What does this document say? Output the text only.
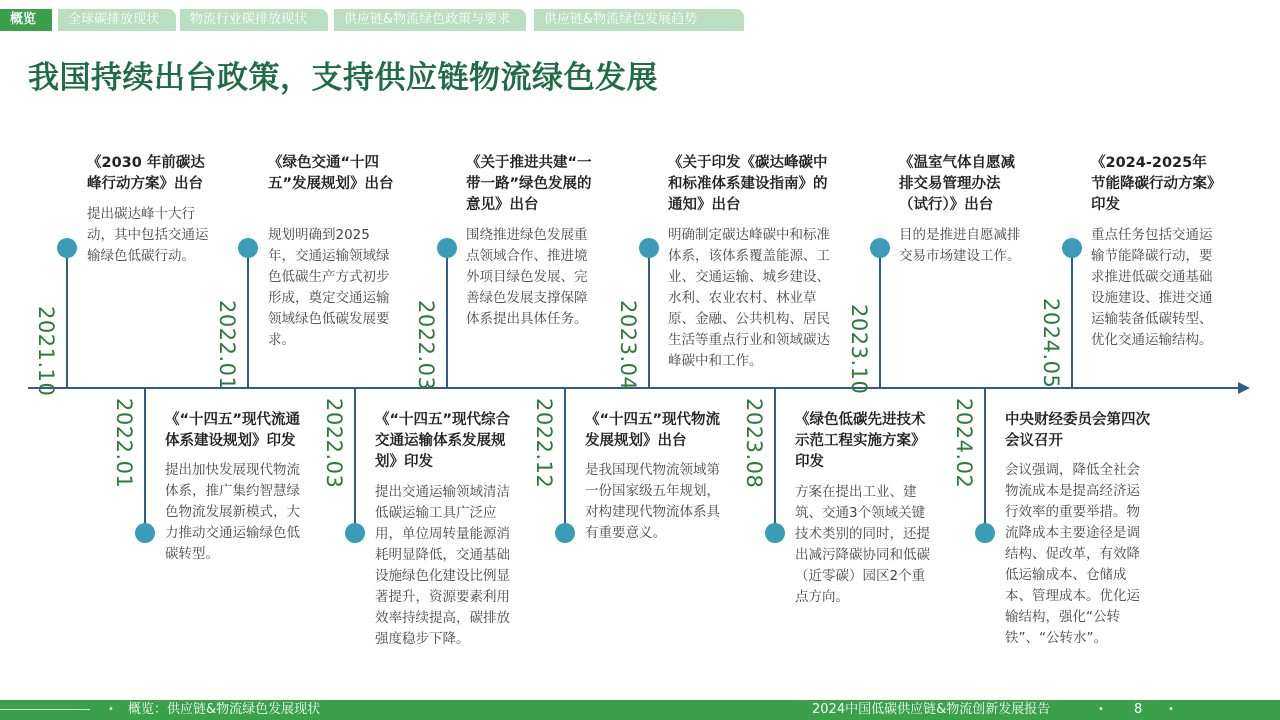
概览	全球碳排放现状	物流行业碳排放现状	供应链&物流绿色政策与要求	供应链&物流绿色发展趋势
我国持续出台政策，支持供应链物流绿色发展
2021.10
《2030 年前碳达峰行动方案》出台
提出碳达峰十大行动，其中包括交通运输绿色低碳行动。
2022.01
《绿色交通“十四五”发展规划》出台
规划明确到2025年，交通运输领域绿色低碳生产方式初步形成，奠定交通运输领域绿色低碳发展要求。	2022.03
《关于推进共建“一带一路”绿色发展的意见》出台
围绕推进绿色发展重点领域合作、推进境外项目绿色发展、完善绿色发展支撑保障体系提出具体任务。	2023.04
《关于印发《碳达峰碳中和标准体系建设指南》的通知》出台
明确制定碳达峰碳中和标准体系，该体系覆盖能源、工业、交通运输、城乡建设、水利、农业农村、林业草原、金融、公共机构、居民生活等重点行业和领域碳达峰碳中和工作。	2023.10
《温室气体自愿减排交易管理办法（试行）》出台
目的是推进自愿减排交易市场建设工作。
2024.05
《2024-2025年节能降碳行动方案》印发
重点任务包括交通运输节能降碳行动，要求推进低碳交通基础设施建设、推进交通运输装备低碳转型、优化交通运输结构。
2022.01 《“十四五”现代流通体系建设规划》印发
提出加快发展现代物流体系，推广集约智慧绿色物流发展新模式，大力推动交通运输绿色低碳转型。
2022.03 《“十四五”现代综合交通运输体系发展规划》印发
提出交通运输领域清洁低碳运输工具广泛应用，单位周转量能源消耗明显降低，交通基础设施绿色化建设比例显著提升，资源要素利用效率持续提高，碳排放强度稳步下降。
2022.12 《“十四五”现代物流发展规划》出台
是我国现代物流领域第一份国家级五年规划，对构建现代物流体系具有重要意义。
2023.08 《绿色低碳先进技术示范工程实施方案》印发
方案在提出工业、建筑、交通3个领域关键技术类别的同时，还提出减污降碳协同和低碳（近零碳）园区2个重点方向。
2024.02 中央财经委员会第四次会议召开
会议强调，降低全社会物流成本是提高经济运行效率的重要举措。物流降成本主要途径是调结构、促改革，有效降低运输成本、仓储成本、管理成本。优化运输结构，强化“公转铁”、“公转水”。
• 概览：供应链&物流绿色发展现状	2024中国低碳供应链&物流创新发展报告	• 8	•
